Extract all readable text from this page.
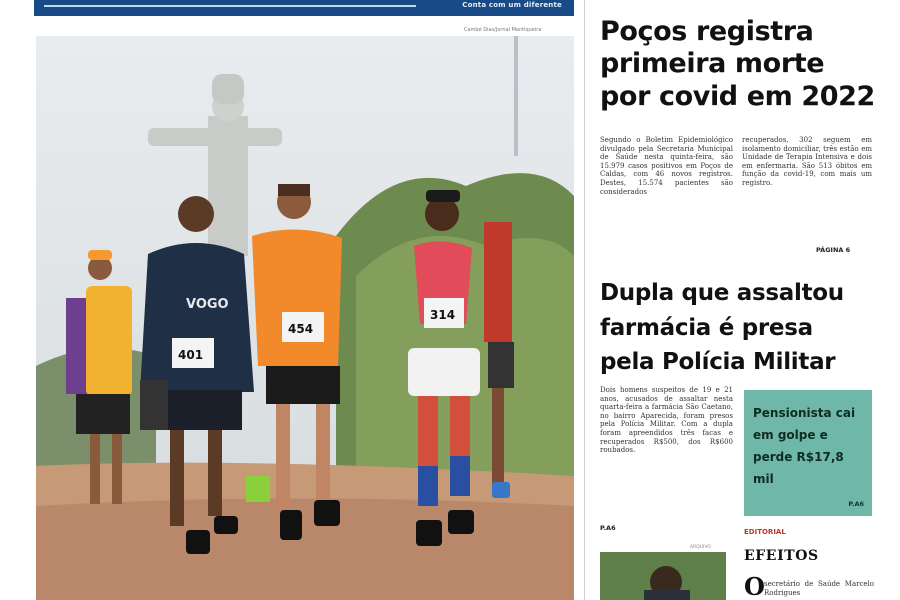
Conta com um diferente
Cambé Dias/Jornal Mantiqueira
VOGO
401
454
314
Poços registra primeira morte por covid em 2022
Segundo o Boletim Epidemiológico divulgado pela Secretaria Municipal de Saúde nesta quinta-feira, são 15.979 casos positivos em Poços de Caldas, com 46 novos registros. Destes, 15.574 pacientes são considerados
recuperados, 302 seguem em isolamento domiciliar, três estão em Unidade de Terapia Intensiva e dois em enfermaria. São 513 óbitos em função da covid-19, com mais um registro.
PÁGINA 6
Dupla que assaltou farmácia é presa pela Polícia Militar
Dois homens suspeitos de 19 e 21 anos, acusados de assaltar nesta quarta-feira a farmácia São Caetano, no bairro Aparecida, foram presos pela Polícia Militar. Com a dupla foram apreendidos três facas e recuperados R$500, dos R$600 roubados.
P.A6
Pensionista cai em golpe e perde R$17,8 mil
P.A6
ARQUIVO
EDITORIAL
EFEITOS
O secretário de Saúde Marcelo Rodrigues
